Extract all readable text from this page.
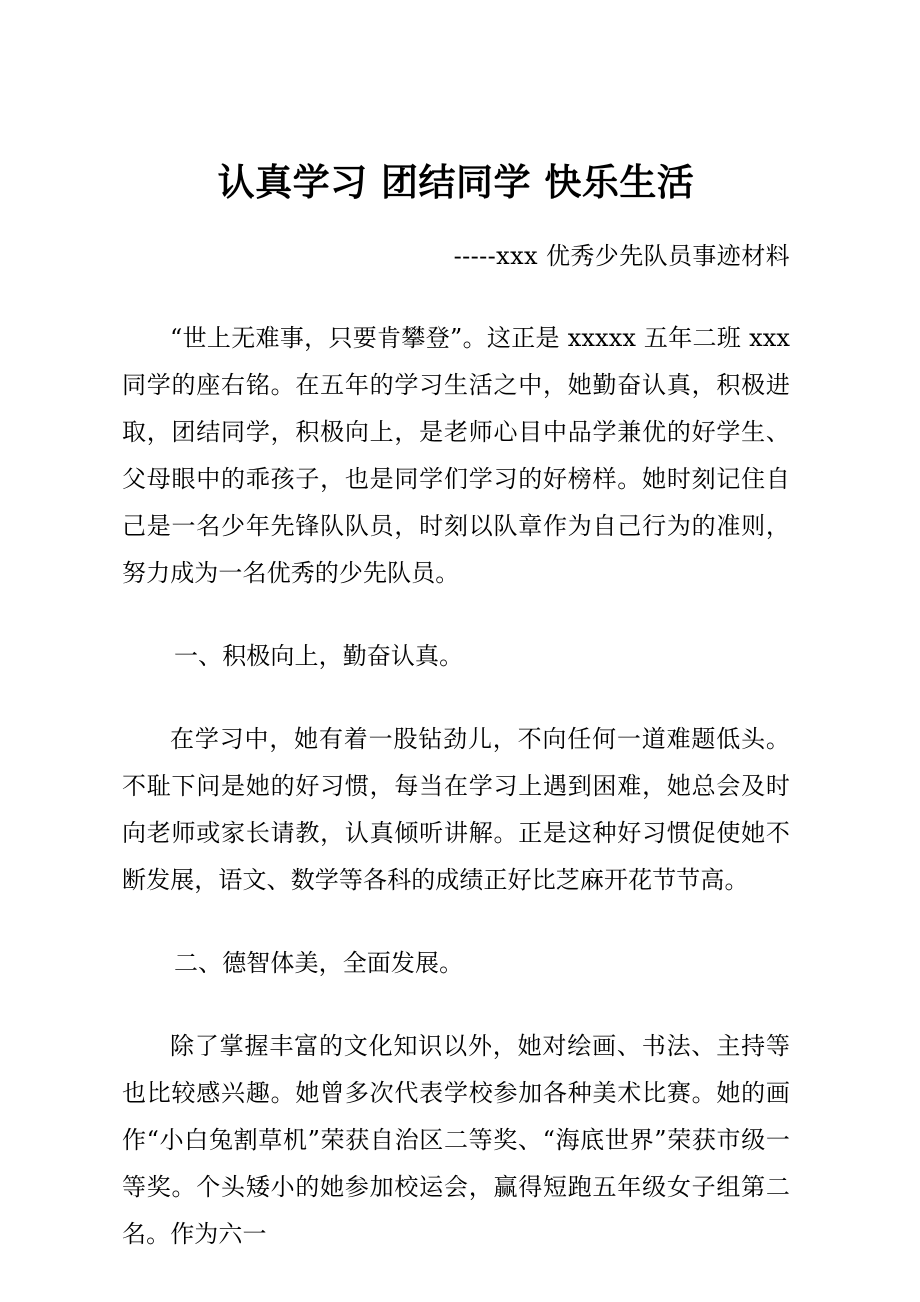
认真学习 团结同学 快乐生活
-----xxx 优秀少先队员事迹材料

“世上无难事，只要肯攀登”。这正是 xxxxx 五年二班 xxx 同学的座右铭。在五年的学习生活之中，她勤奋认真，积极进取，团结同学，积极向上，是老师心目中品学兼优的好学生、父母眼中的乖孩子，也是同学们学习的好榜样。她时刻记住自己是一名少年先锋队队员，时刻以队章作为自己行为的准则，努力成为一名优秀的少先队员。

一、积极向上，勤奋认真。

在学习中，她有着一股钻劲儿，不向任何一道难题低头。不耻下问是她的好习惯，每当在学习上遇到困难，她总会及时向老师或家长请教，认真倾听讲解。正是这种好习惯促使她不断发展，语文、数学等各科的成绩正好比芝麻开花节节高。

二、德智体美，全面发展。

除了掌握丰富的文化知识以外，她对绘画、书法、主持等也比较感兴趣。她曾多次代表学校参加各种美术比赛。她的画作“小白兔割草机”荣获自治区二等奖、“海底世界”荣获市级一等奖。个头矮小的她参加校运会，赢得短跑五年级女子组第二名。作为六一
